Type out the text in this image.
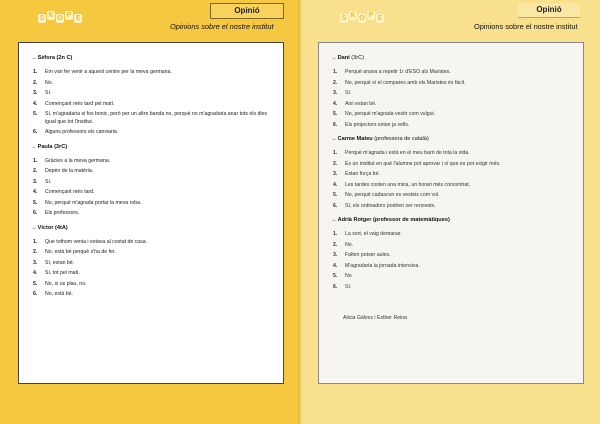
S K O P E
Opinió
Opinions sobre el nostre institut
→Sèfora (2n C)
1. Em van fer venir a aquest centre per la meva germana.
2. No.
3. Sí.
4. Començant més tard pel matí.
5. Sí, m'agradaria si fos bonic, però per un altre banda no, perquè no m'agradaria anar tots els dies igual que tot l'institut.
6. Alguns professors els canviaria.
→Paula (3rC)
1. Gràcies a la meva germana.
2. Depèn de la matèria.
3. Sí.
4. Començant més tard.
5. No, perquè m'agrada portar la meva roba.
6. Els professors.
→Víctor (4tA)
1. Que tothom venia i estava al costat de casa.
2. No, està bé perquè s'ha de fer.
3. Sí, estan bé.
4. Sí, tot pel matí.
5. No, si us plau, no.
6. No, està bé.
S K O P E
Opinió
Opinions sobre el nostre institut
→Dani (3rC)
1. Perquè anava a repetir 1r d'ESO als Maristes.
2. No, perquè sí el compares amb els Maristes és fàcil.
3. Sí.
4. Així estan bé.
5. No, perquè m'agrada vestir com vulgui.
6. Els projectors estan ja vells.
→Carme Mateu (professora de català)
1. Perquè m'agrada i està en el meu barri de tota la vida.
2. És un institut en què l'alumne pot aprovar i sí que es pot exigir més.
3. Estan força bé.
4. Les tardes costen una mica, un horari més concentrat.
5. No, perquè cadascun es vesteix com vol.
6. Sí, els ordinadors podrien ser renovats.
→Adrià Rotger (professor de matemàtiques)
1. La sort, el vaig demanar.
2. No.
3. Falten potser aules.
4. M'agradaria la jornada intensiva.
5. No
6. Sí.
Alicia Gálvez i Esther Reina
